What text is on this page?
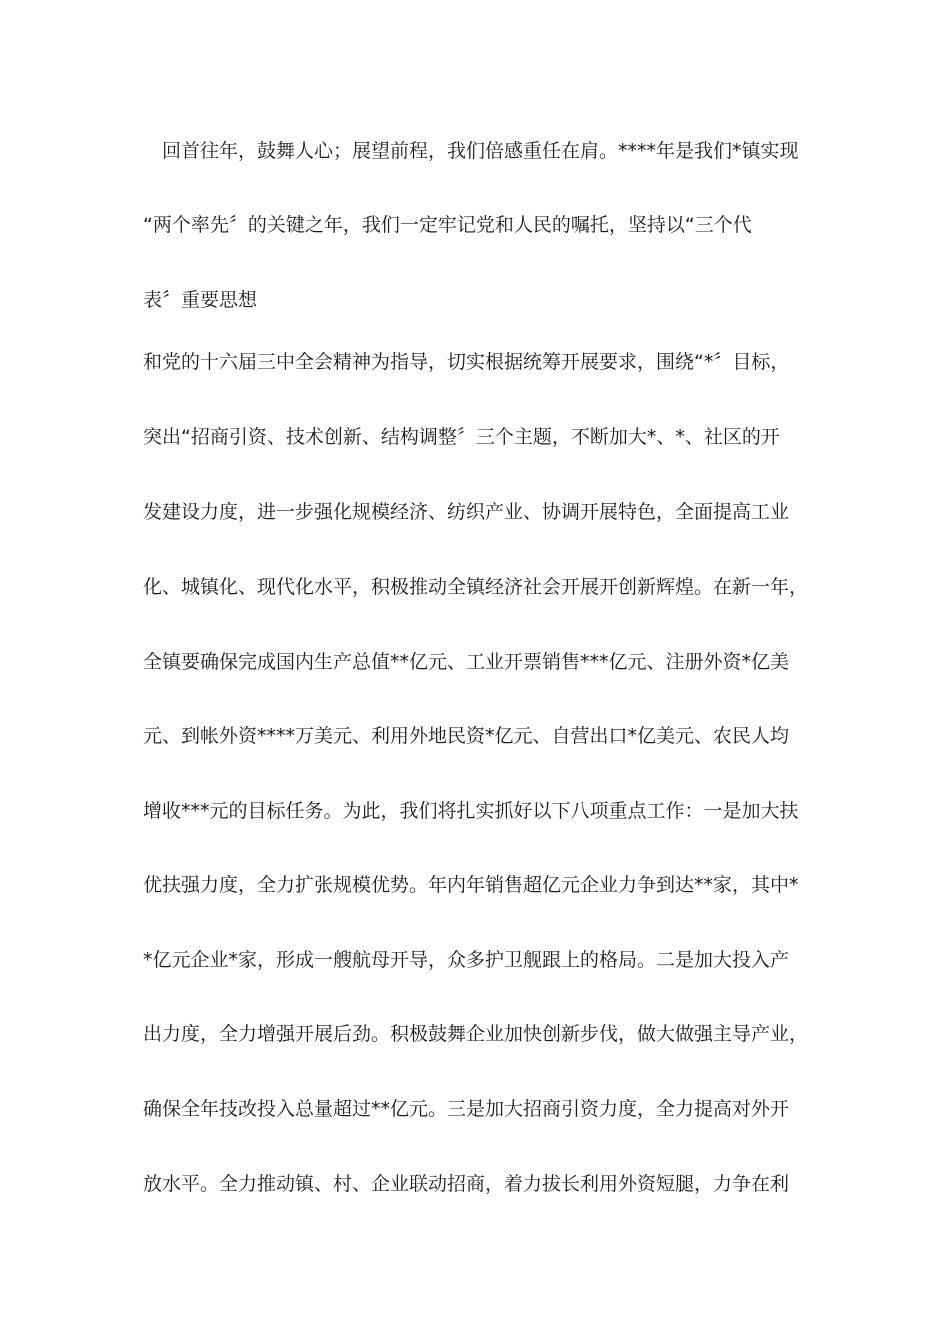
回首往年，鼓舞人心；展望前程，我们倍感重任在肩。****年是我们*镇实现
“两个率先〞的关键之年，我们一定牢记党和人民的嘱托，坚持以“三个代
表〞重要思想
和党的十六届三中全会精神为指导，切实根据统筹开展要求，围绕“*〞目标，
突出“招商引资、技术创新、结构调整〞三个主题，不断加大*、*、社区的开
发建设力度，进一步强化规模经济、纺织产业、协调开展特色，全面提高工业
化、城镇化、现代化水平，积极推动全镇经济社会开展开创新辉煌。在新一年，
全镇要确保完成国内生产总值**亿元、工业开票销售***亿元、注册外资*亿美
元、到帐外资****万美元、利用外地民资*亿元、自营出口*亿美元、农民人均
增收***元的目标任务。为此，我们将扎实抓好以下八项重点工作：一是加大扶
优扶强力度，全力扩张规模优势。年内年销售超亿元企业力争到达**家，其中*
*亿元企业*家，形成一艘航母开导，众多护卫舰跟上的格局。二是加大投入产
出力度，全力增强开展后劲。积极鼓舞企业加快创新步伐，做大做强主导产业，
确保全年技改投入总量超过**亿元。三是加大招商引资力度，全力提高对外开
放水平。全力推动镇、村、企业联动招商，着力拔长利用外资短腿，力争在利
